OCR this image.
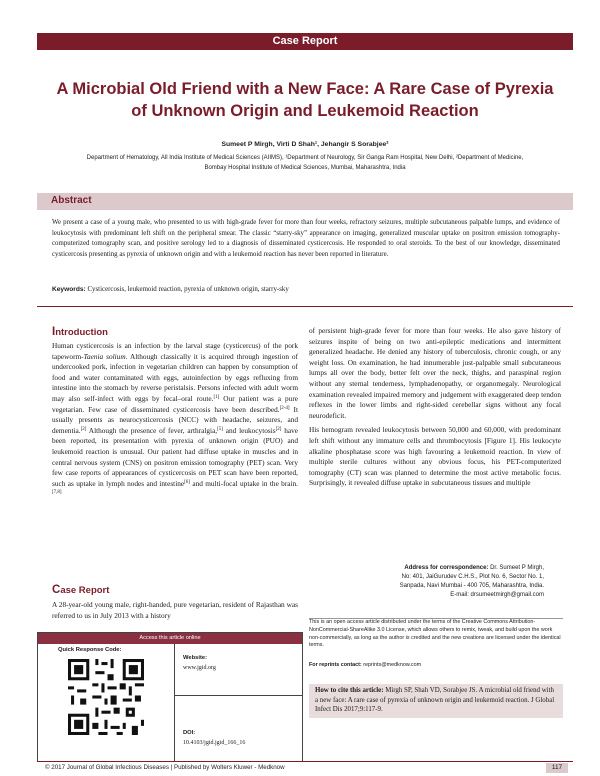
Case Report
A Microbial Old Friend with a New Face: A Rare Case of Pyrexia
of Unknown Origin and Leukemoid Reaction
Sumeet P Mirgh, Virti D Shah¹, Jehangir S Sorabjee²
Department of Hematology, All India Institute of Medical Sciences (AIIMS), ¹Department of Neurology, Sir Ganga Ram Hospital, New Delhi, ²Department of Medicine,
Bombay Hospital Institute of Medical Sciences, Mumbai, Maharashtra, India
Abstract
We present a case of a young male, who presented to us with high-grade fever for more than four weeks, refractory seizures, multiple subcutaneous palpable lumps, and evidence of leukocytosis with predominant left shift on the peripheral smear. The classic “starry-sky” appearance on imaging, generalized muscular uptake on positron emission tomography-computerized tomography scan, and positive serology led to a diagnosis of disseminated cysticercosis. He responded to oral steroids. To the best of our knowledge, disseminated cysticercosis presenting as pyrexia of unknown origin and with a leukemoid reaction has never been reported in literature.
Keywords: Cysticercosis, leukemoid reaction, pyrexia of unknown origin, starry-sky
Introduction

Human cysticercosis is an infection by the larval stage (cysticercus) of the pork tapeworm-Taenia solium. Although classically it is acquired through ingestion of undercooked pork, infection in vegetarian children can happen by consumption of food and water contaminated with eggs, autoinfection by eggs refluxing from intestine into the stomach by reverse peristalsis. Persons infected with adult worm may also self-infect with eggs by fecal–oral route.[1] Our patient was a pure vegetarian. Few case of disseminated cysticercosis have been described.[2-4] It usually presents as neurocysticercosis (NCC) with headache, seizures, and dementia.[2] Although the presence of fever, arthralgia,[5] and leukocytosis[2] have been reported, its presentation with pyrexia of unknown origin (PUO) and leukemoid reaction is unusual. Our patient had diffuse uptake in muscles and in central nervous system (CNS) on positron emission tomography (PET) scan. Very few case reports of appearances of cysticercosis on PET scan have been reported, such as uptake in lymph nodes and intestine[6] and multi-focal uptake in the brain.[7,8]

Case Report

A 28-year-old young male, right-handed, pure vegetarian, resident of Rajasthan was referred to us in July 2013 with a history

Access this article online
Quick Response Code:
Website:
www.jgid.org
DOI:
10.4103/jgid.jgid_166_16

of persistent high-grade fever for more than four weeks. He also gave history of seizures inspite of being on two anti-epileptic medications and intermittent generalized headache. He denied any history of tuberculosis, chronic cough, or any weight loss. On examination, he had innumerable just-palpable small subcutaneous lumps all over the body, better felt over the neck, thighs, and paraspinal region without any sternal tenderness, lymphadenopathy, or organomegaly. Neurological examination revealed impaired memory and judgement with exaggerated deep tendon reflexes in the lower limbs and right-sided cerebellar signs without any focal neurodeficit.

His hemogram revealed leukocytosis between 50,000 and 60,000, with predominant left shift without any immature cells and thrombocytosis [Figure 1]. His leukocyte alkaline phosphatase score was high favouring a leukemoid reaction. In view of multiple sterile cultures without any obvious focus, his PET-computerized tomography (CT) scan was planned to determine the most active metabolic focus. Surprisingly, it revealed diffuse uptake in subcutaneous tissues and multiple

Address for correspondence: Dr. Sumeet P Mirgh,
No: 401, JaiGurudev C.H.S., Plot No. 6, Sector No. 1,
Sanpada, Navi Mumbai - 400 705, Maharashtra, India.
E-mail: drsumeetmirgh@gmail.com
This is an open access article distributed under the terms of the Creative Commons Attribution-NonCommercial-ShareAlike 3.0 License, which allows others to remix, tweak, and build upon the work non-commercially, as long as the author is credited and the new creations are licensed under the identical terms.
For reprints contact: reprints@medknow.com
How to cite this article: Mirgh SP, Shah VD, Sorabjee JS. A microbial old friend with a new face: A rare case of pyrexia of unknown origin and leukemoid reaction. J Global Infect Dis 2017;9:117-9.
© 2017 Journal of Global Infectious Diseases | Published by Wolters Kluwer - Medknow	117
